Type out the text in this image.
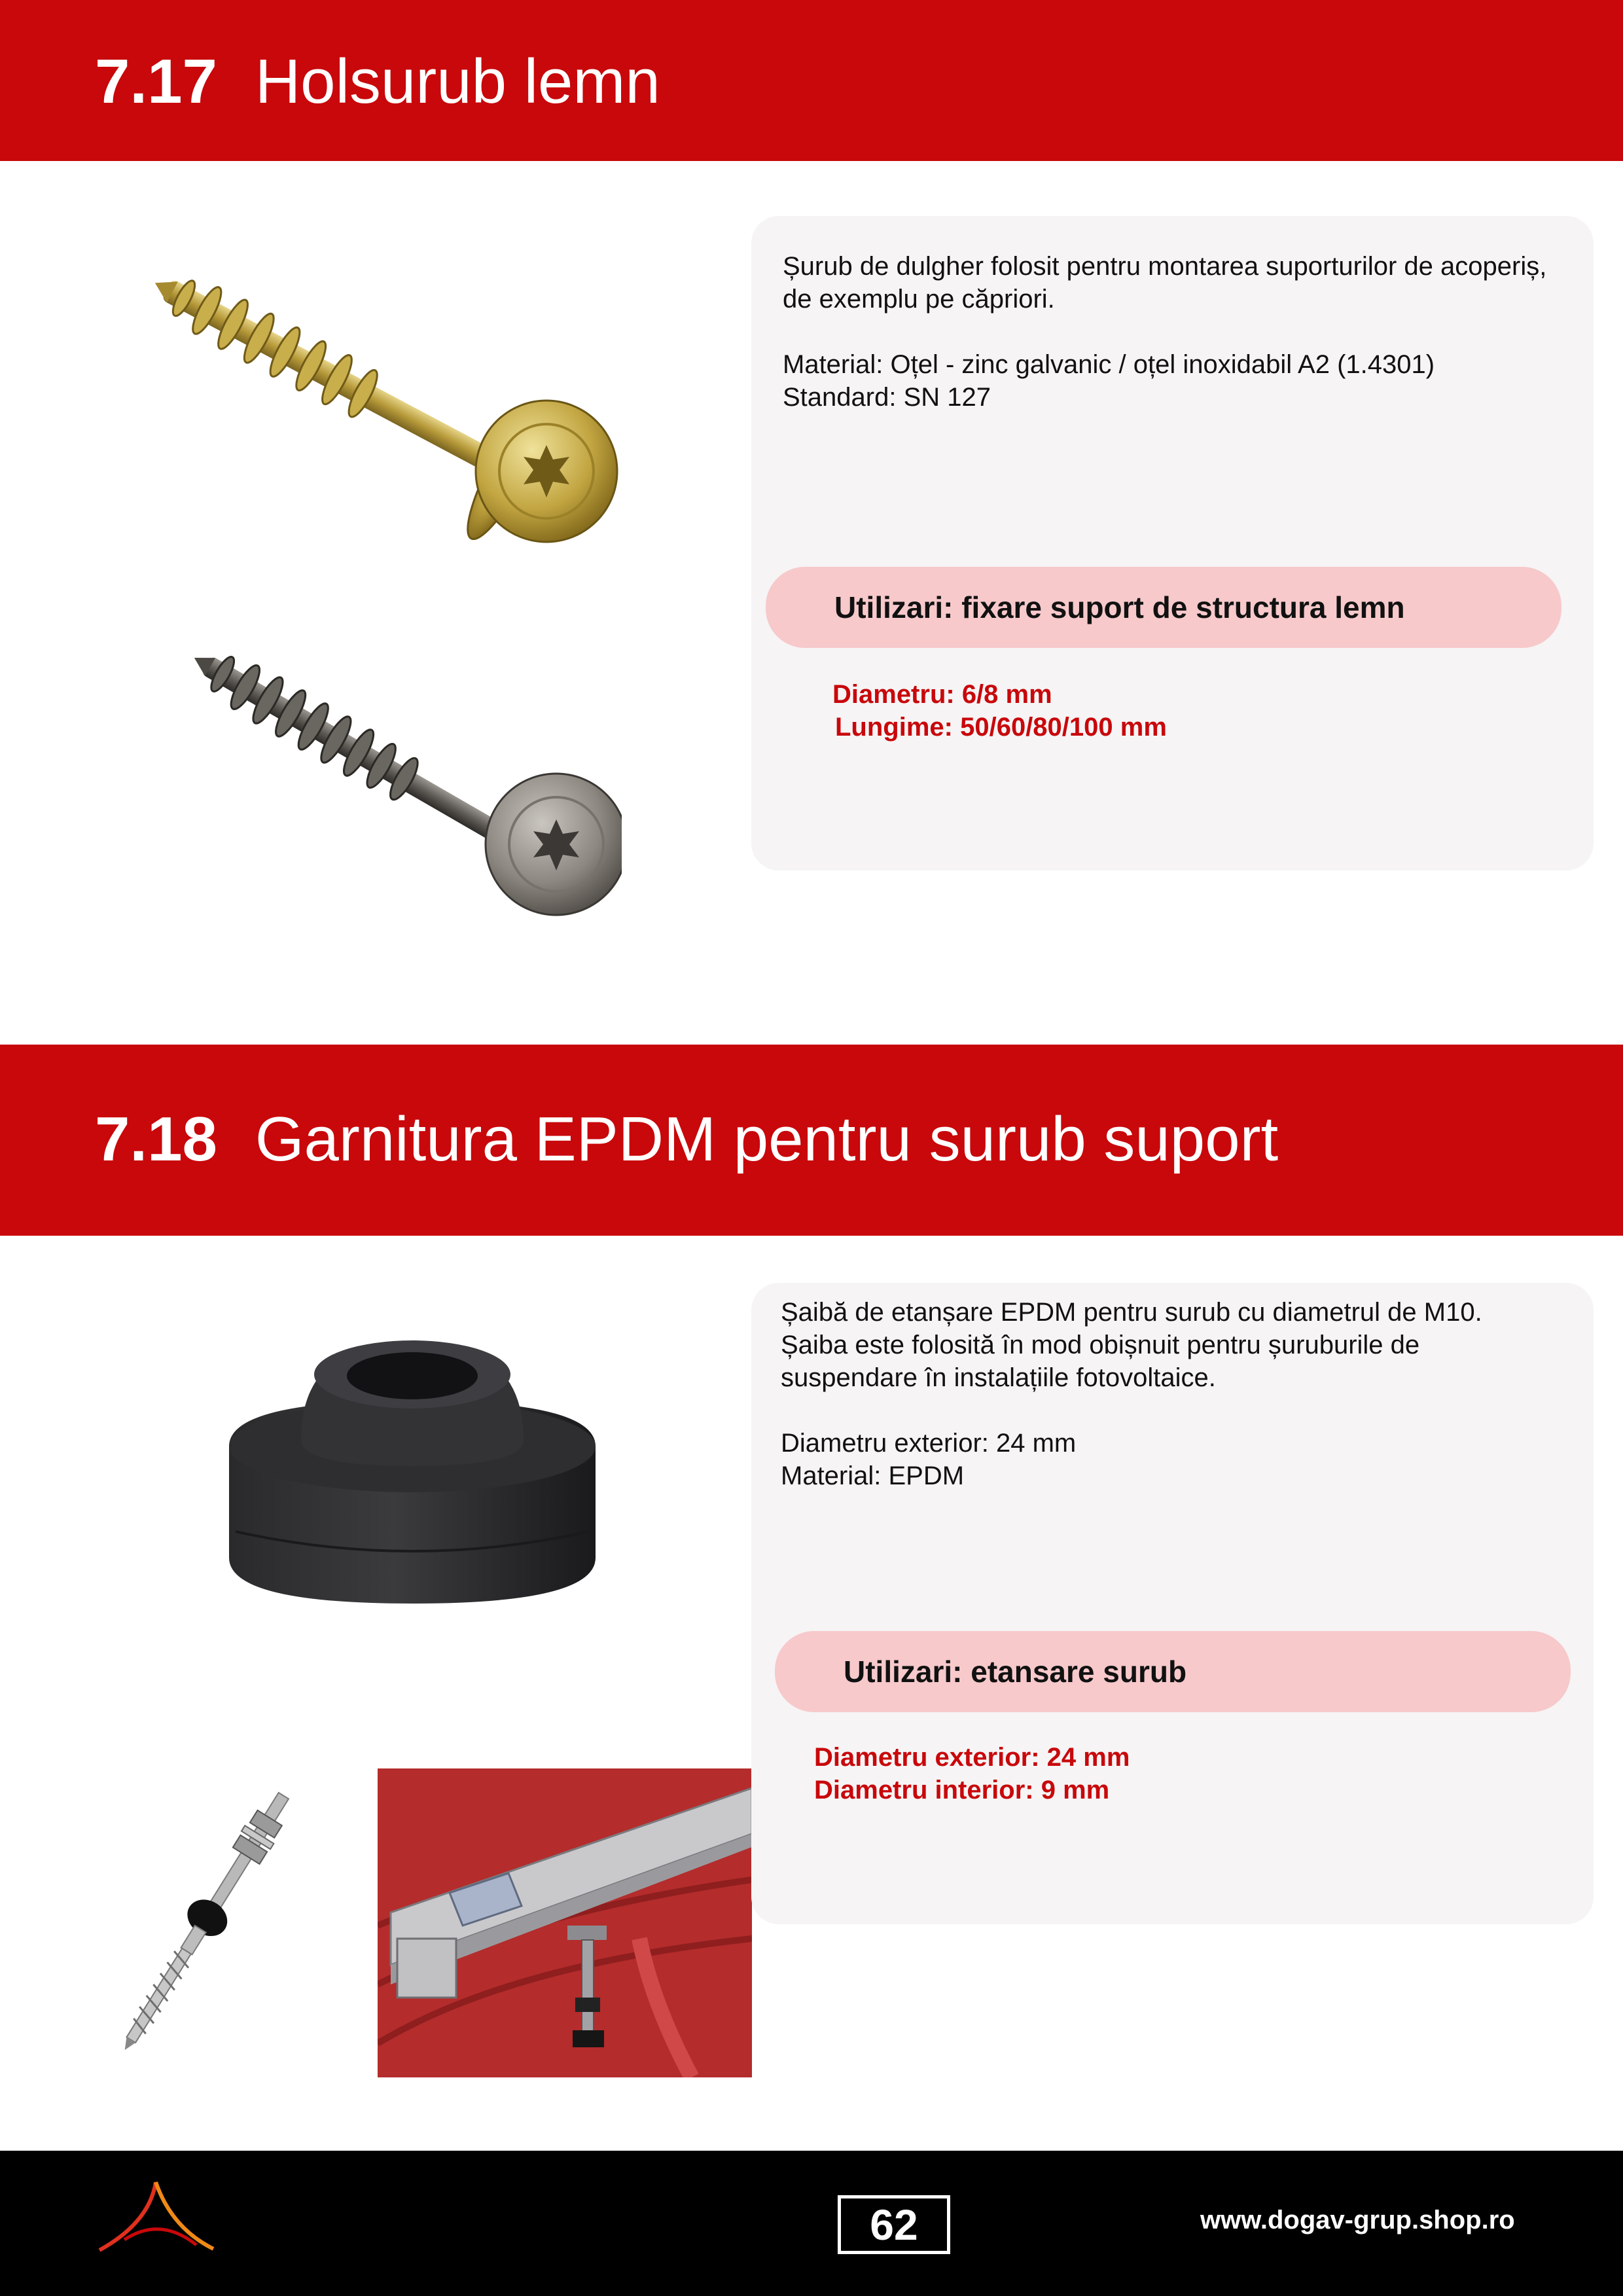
7.17 Holsurub lemn
Șurub de dulgher folosit pentru montarea suporturilor de acoperiș,
de exemplu pe căpriori.
Material: Oțel - zinc galvanic / oțel inoxidabil A2 (1.4301)
Standard: SN 127
Utilizari: fixare suport de structura lemn
Diametru: 6/8 mm
Lungime: 50/60/80/100 mm
7.18 Garnitura EPDM pentru surub suport
Șaibă de etanșare EPDM pentru surub cu diametrul de M10.
Șaiba este folosită în mod obișnuit pentru șuruburile de
suspendare în instalațiile fotovoltaice.
Diametru exterior: 24 mm
Material: EPDM
Utilizari: etansare surub
Diametru exterior: 24 mm
Diametru interior: 9 mm
62	www.dogav-grup.shop.ro
